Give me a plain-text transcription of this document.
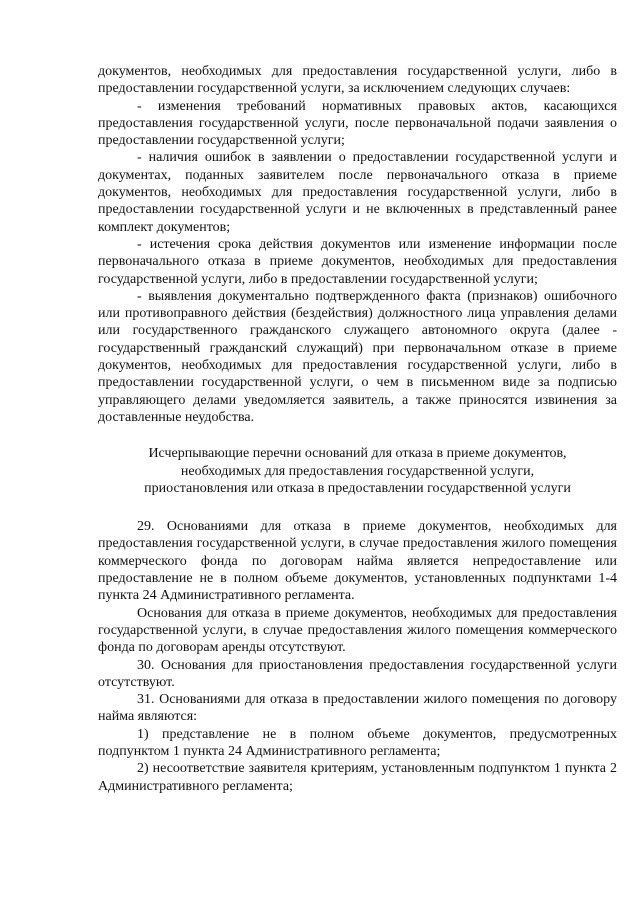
документов, необходимых для предоставления государственной услуги, либо в предоставлении государственной услуги, за исключением следующих случаев:

- изменения требований нормативных правовых актов, касающихся предоставления государственной услуги, после первоначальной подачи заявления о предоставлении государственной услуги;

- наличия ошибок в заявлении о предоставлении государственной услуги и документах, поданных заявителем после первоначального отказа в приеме документов, необходимых для предоставления государственной услуги, либо в предоставлении государственной услуги и не включенных в представленный ранее комплект документов;

- истечения срока действия документов или изменение информации после первоначального отказа в приеме документов, необходимых для предоставления государственной услуги, либо в предоставлении государственной услуги;

- выявления документально подтвержденного факта (признаков) ошибочного или противоправного действия (бездействия) должностного лица управления делами или государственного гражданского служащего автономного округа (далее - государственный гражданский служащий) при первоначальном отказе в приеме документов, необходимых для предоставления государственной услуги, либо в предоставлении государственной услуги, о чем в письменном виде за подписью управляющего делами уведомляется заявитель, а также приносятся извинения за доставленные неудобства.

Исчерпывающие перечни оснований для отказа в приеме документов, необходимых для предоставления государственной услуги, приостановления или отказа в предоставлении государственной услуги

29. Основаниями для отказа в приеме документов, необходимых для предоставления государственной услуги, в случае предоставления жилого помещения коммерческого фонда по договорам найма является непредоставление или предоставление не в полном объеме документов, установленных подпунктами 1-4 пункта 24 Административного регламента.

Основания для отказа в приеме документов, необходимых для предоставления государственной услуги, в случае предоставления жилого помещения коммерческого фонда по договорам аренды отсутствуют.

30. Основания для приостановления предоставления государственной услуги отсутствуют.

31. Основаниями для отказа в предоставлении жилого помещения по договору найма являются:

1) представление не в полном объеме документов, предусмотренных подпунктом 1 пункта 24 Административного регламента;

2) несоответствие заявителя критериям, установленным подпунктом 1 пункта 2 Административного регламента;
